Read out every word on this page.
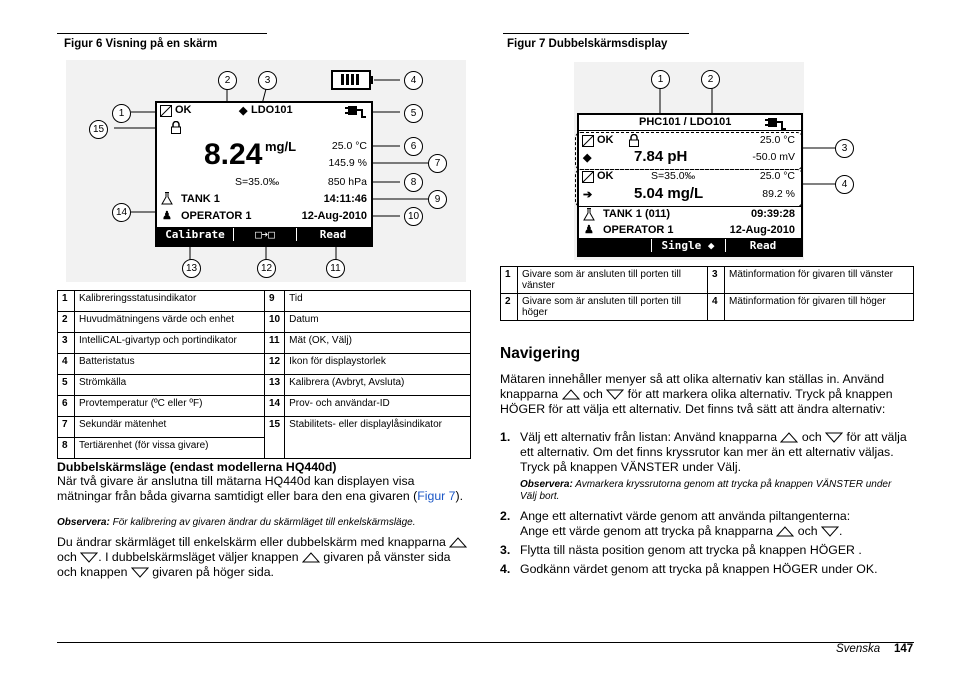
Figur 6 Visning på en skärm
OK	◆ LDO101
8.24 mg/L	25.0 °C
145.9 %
S=35.0‰	850 hPa
TANK 1	14:11:46
♟ OPERATOR 1	12-Aug-2010
Calibrate	□➔□	Read
1
2	3	4
5
6
7
8
9
10
11
12
13
14
15
1	Kalibreringsstatusindikator	9	Tid
2	Huvudmätningens värde och enhet	10	Datum
3	IntelliCAL-givartyp och portindikator	11	Mät (OK, Välj)
4	Batteristatus	12	Ikon för displaystorlek
5	Strömkälla	13	Kalibrera (Avbryt, Avsluta)
6	Provtemperatur (ºC eller ºF)	14	Prov- och användar-ID
7	Sekundär mätenhet	15	Stabilitets- eller displaylåsindikator
8	Tertiärenhet (för vissa givare)		
Dubbelskärmsläge (endast modellerna HQ440d)
När två givare är anslutna till mätarna HQ440d kan displayen visa mätningar från båda givarna samtidigt eller bara den ena givaren (Figur 7).
Observera: För kalibrering av givaren ändrar du skärmläget till enkelskärmsläge.
Du ändrar skärmläget till enkelskärm eller dubbelskärm med knapparna  och . I dubbelskärmsläget väljer knappen givaren på vänster sida och knappen givaren på höger sida.
Figur 7 Dubbelskärmsdisplay
PHC101 / LDO101
OK	25.0 °C
◆	7.84 pH	-50.0 mV
OK	S=35.0‰	25.0 °C
➔	5.04 mg/L	89.2 %
TANK 1 (011)	09:39:28
♟ OPERATOR 1	12-Aug-2010
Single ◆	Read
1	2
3
4
1	Givare som är ansluten till porten till vänster	3	Mätinformation för givaren till vänster
2	Givare som är ansluten till porten till höger	4	Mätinformation för givaren till höger
Navigering
Mätaren innehåller menyer så att olika alternativ kan ställas in. Använd knapparna och för att markera olika alternativ. Tryck på knappen HÖGER för att välja ett alternativ. Det finns två sätt att ändra alternativ:
1. Välj ett alternativ från listan: Använd knapparna och för att välja ett alternativ. Om det finns kryssrutor kan mer än ett alternativ väljas. Tryck på knappen VÄNSTER under Välj.
Observera: Avmarkera kryssrutorna genom att trycka på knappen VÄNSTER under Välj bort.
2. Ange ett alternativt värde genom att använda piltangenterna:
Ange ett värde genom att trycka på knapparna och .
3. Flytta till nästa position genom att trycka på knappen HÖGER .
4. Godkänn värdet genom att trycka på knappen HÖGER under OK.
Svenska 147
